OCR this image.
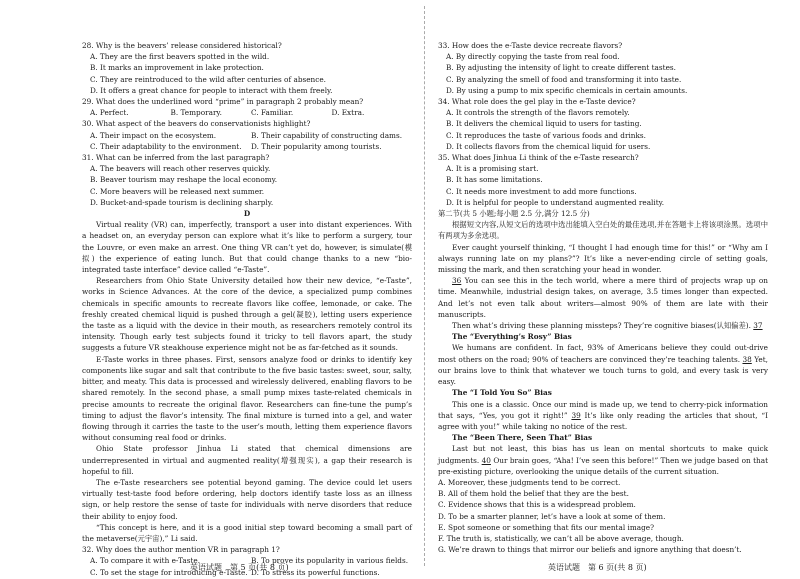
28. Why is the beavers’ release considered historical?

A. They are the first beavers spotted in the wild.

B. It marks an improvement in lake protection.

C. They are reintroduced to the wild after centuries of absence.

D. It offers a great chance for people to interact with them freely.

29. What does the underlined word “prime” in paragraph 2 probably mean?

A. Perfect.	B. Temporary.	C. Familiar.	D. Extra.

30. What aspect of the beavers do conservationists highlight?

A. Their impact on the ecosystem.	B. Their capability of constructing dams.
C. Their adaptability to the environment.	D. Their popularity among tourists.

31. What can be inferred from the last paragraph?

A. The beavers will reach other reserves quickly.

B. Beaver tourism may reshape the local economy.

C. More beavers will be released next summer.

D. Bucket-and-spade tourism is declining sharply.

D

Virtual reality (VR) can, imperfectly, transport a user into distant experiences. With a headset on, an everyday person can explore what it’s like to perform a surgery, tour the Louvre, or even make an arrest. One thing VR can’t yet do, however, is simulate(模拟) the experience of eating lunch. But that could change thanks to a new “bio-integrated taste interface” device called “e-Taste”.

Researchers from Ohio State University detailed how their new device, “e-Taste”, works in Science Advances. At the core of the device, a specialized pump combines chemicals in specific amounts to recreate flavors like coffee, lemonade, or cake. The freshly created chemical liquid is pushed through a gel(凝胶), letting users experience the taste as a liquid with the device in their mouth, as researchers remotely control its intensity. Though early test subjects found it tricky to tell flavors apart, the study suggests a future VR steakhouse experience might not be as far-fetched as it sounds.

E-Taste works in three phases. First, sensors analyze food or drinks to identify key components like sugar and salt that contribute to the five basic tastes: sweet, sour, salty, bitter, and meaty. This data is processed and wirelessly delivered, enabling flavors to be shared remotely. In the second phase, a small pump mixes taste-related chemicals in precise amounts to recreate the original flavor. Researchers can fine-tune the pump’s timing to adjust the flavor’s intensity. The final mixture is turned into a gel, and water flowing through it carries the taste to the user’s mouth, letting them experience flavors without consuming real food or drinks.

Ohio State professor Jinhua Li stated that chemical dimensions are underrepresented in virtual and augmented reality(增强现实), a gap their research is hopeful to fill.

The e-Taste researchers see potential beyond gaming. The device could let users virtually test-taste food before ordering, help doctors identify taste loss as an illness sign, or help restore the sense of taste for individuals with nerve disorders that reduce their ability to enjoy food.

“This concept is here, and it is a good initial step toward becoming a small part of the metaverse(元宇宙),” Li said.

32. Why does the author mention VR in paragraph 1?

A. To compare it with e-Taste.	B. To prove its popularity in various fields.
C. To set the stage for introducing e-Taste. D. To stress its powerful functions.

33. How does the e-Taste device recreate flavors?

A. By directly copying the taste from real food.

B. By adjusting the intensity of light to create different tastes.

C. By analyzing the smell of food and transforming it into taste.

D. By using a pump to mix specific chemicals in certain amounts.

34. What role does the gel play in the e-Taste device?

A. It controls the strength of the flavors remotely.

B. It delivers the chemical liquid to users for tasting.

C. It reproduces the taste of various foods and drinks.

D. It collects flavors from the chemical liquid for users.

35. What does Jinhua Li think of the e-Taste research?

A. It is a promising start.

B. It has some limitations.

C. It needs more investment to add more functions.

D. It is helpful for people to understand augmented reality.

第二节(共 5 小题;每小题 2.5 分,满分 12.5 分)

根据短文内容,从短文后的选项中选出能填入空白处的最佳选项,并在答题卡上将该项涂黑。选项中有两项为多余选项。

Ever caught yourself thinking, “I thought I had enough time for this!” or “Why am I always running late on my plans?”? It’s like a never-ending circle of setting goals, missing the mark, and then scratching your head in wonder.

36 You can see this in the tech world, where a mere third of projects wrap up on time. Meanwhile, industrial design takes, on average, 3.5 times longer than expected. And let’s not even talk about writers—almost 90% of them are late with their manuscripts.

Then what’s driving these planning missteps? They’re cognitive biases(认知偏差). 37

The “Everything’s Rosy” Bias

We humans are confident. In fact, 93% of Americans believe they could out-drive most others on the road; 90% of teachers are convinced they’re teaching talents. 38 Yet, our brains love to think that whatever we touch turns to gold, and every task is very easy.

The “I Told You So” Bias

This one is a classic. Once our mind is made up, we tend to cherry-pick information that says, “Yes, you got it right!” 39 It’s like only reading the articles that shout, “I agree with you!” while taking no notice of the rest.

The “Been There, Seen That” Bias

Last but not least, this bias has us lean on mental shortcuts to make quick judgments. 40 Our brain goes, “Aha! I’ve seen this before!” Then we judge based on that pre-existing picture, overlooking the unique details of the current situation.

A. Moreover, these judgments tend to be correct.

B. All of them hold the belief that they are the best.

C. Evidence shows that this is a widespread problem.

D. To be a smarter planner, let’s have a look at some of them.

E. Spot someone or something that fits our mental image?

F. The truth is, statistically, we can’t all be above average, though.

G. We’re drawn to things that mirror our beliefs and ignore anything that doesn’t.

英语试题　第 5 页(共 8 页)	英语试题　第 6 页(共 8 页)
